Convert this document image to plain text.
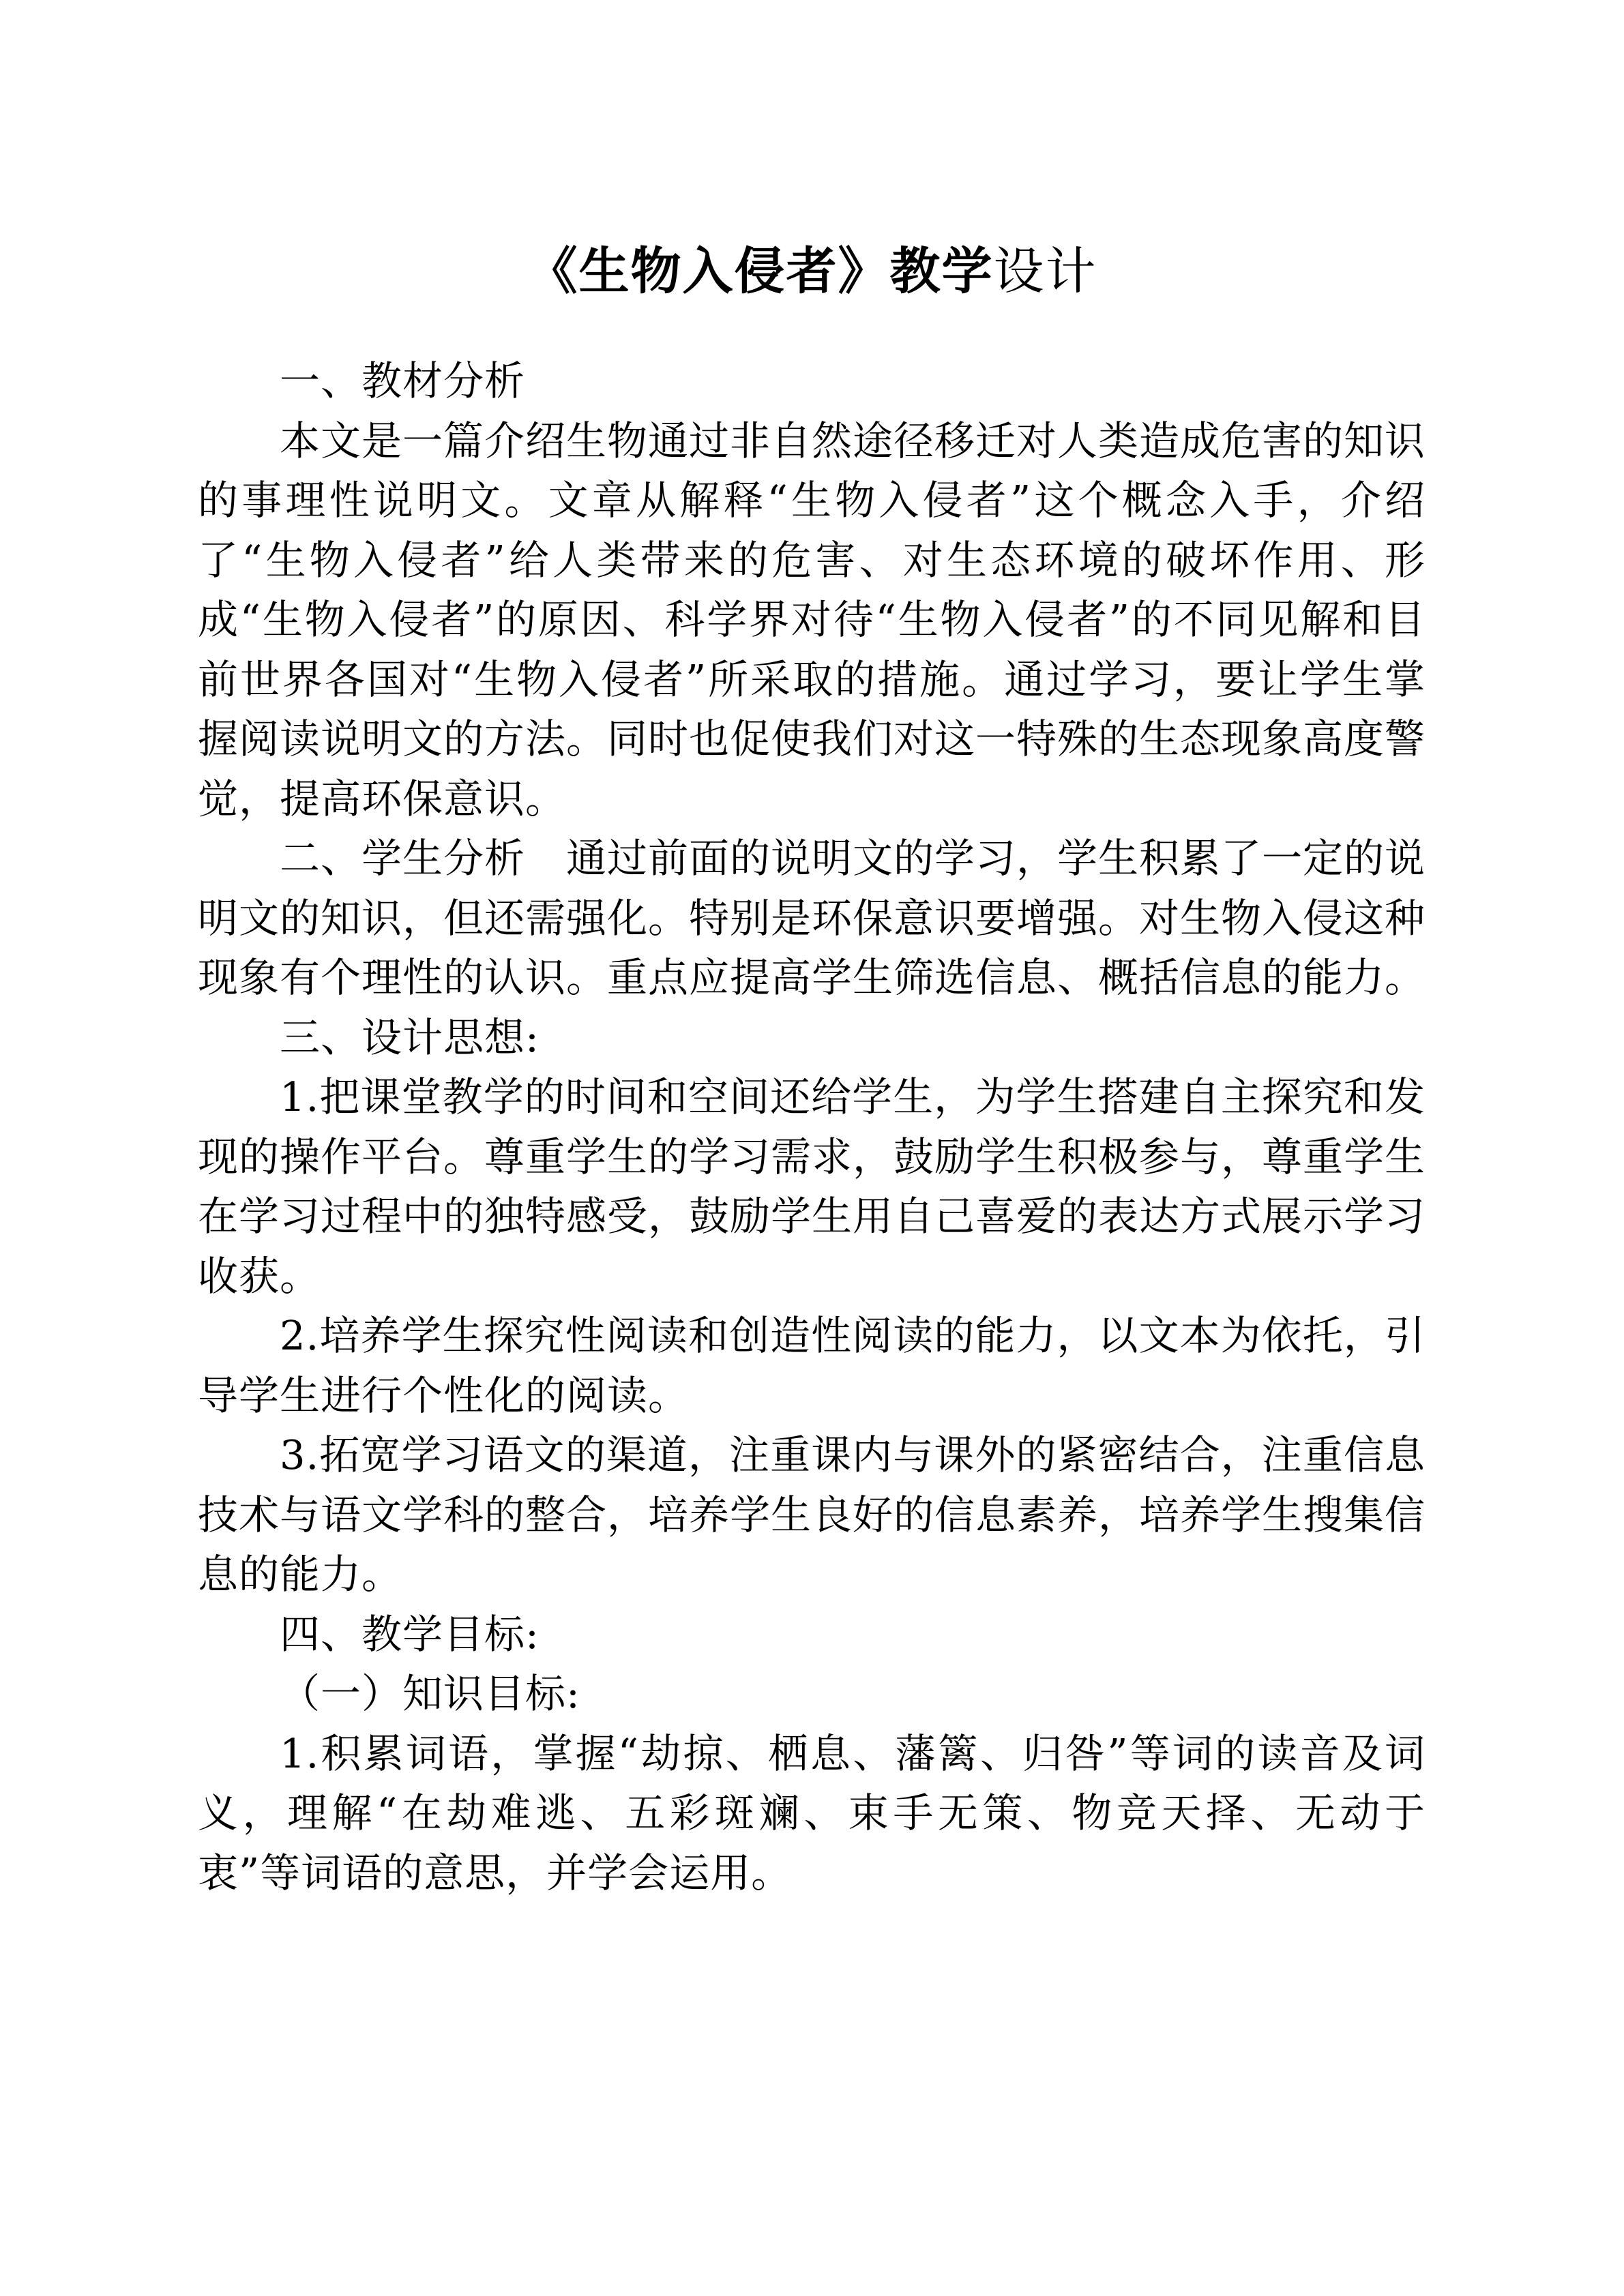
《生物入侵者》教学设计

一、教材分析

本文是一篇介绍生物通过非自然途径移迁对人类造成危害的知识的事理性说明文。文章从解释“生物入侵者”这个概念入手，介绍了“生物入侵者”给人类带来的危害、对生态环境的破坏作用、形成“生物入侵者”的原因、科学界对待“生物入侵者”的不同见解和目前世界各国对“生物入侵者”所采取的措施。通过学习，要让学生掌握阅读说明文的方法。同时也促使我们对这一特殊的生态现象高度警觉，提高环保意识。

二、学生分析　通过前面的说明文的学习，学生积累了一定的说明文的知识，但还需强化。特别是环保意识要增强。对生物入侵这种现象有个理性的认识。重点应提高学生筛选信息、概括信息的能力。

三、设计思想:

1.把课堂教学的时间和空间还给学生，为学生搭建自主探究和发现的操作平台。尊重学生的学习需求，鼓励学生积极参与，尊重学生在学习过程中的独特感受，鼓励学生用自己喜爱的表达方式展示学习收获。

2.培养学生探究性阅读和创造性阅读的能力，以文本为依托，引导学生进行个性化的阅读。

3.拓宽学习语文的渠道，注重课内与课外的紧密结合，注重信息技术与语文学科的整合，培养学生良好的信息素养，培养学生搜集信息的能力。

四、教学目标:

（一）知识目标:

1.积累词语，掌握“劫掠、栖息、藩篱、归咎”等词的读音及词义，理解“在劫难逃、五彩斑斓、束手无策、物竞天择、无动于衷”等词语的意思，并学会运用。
